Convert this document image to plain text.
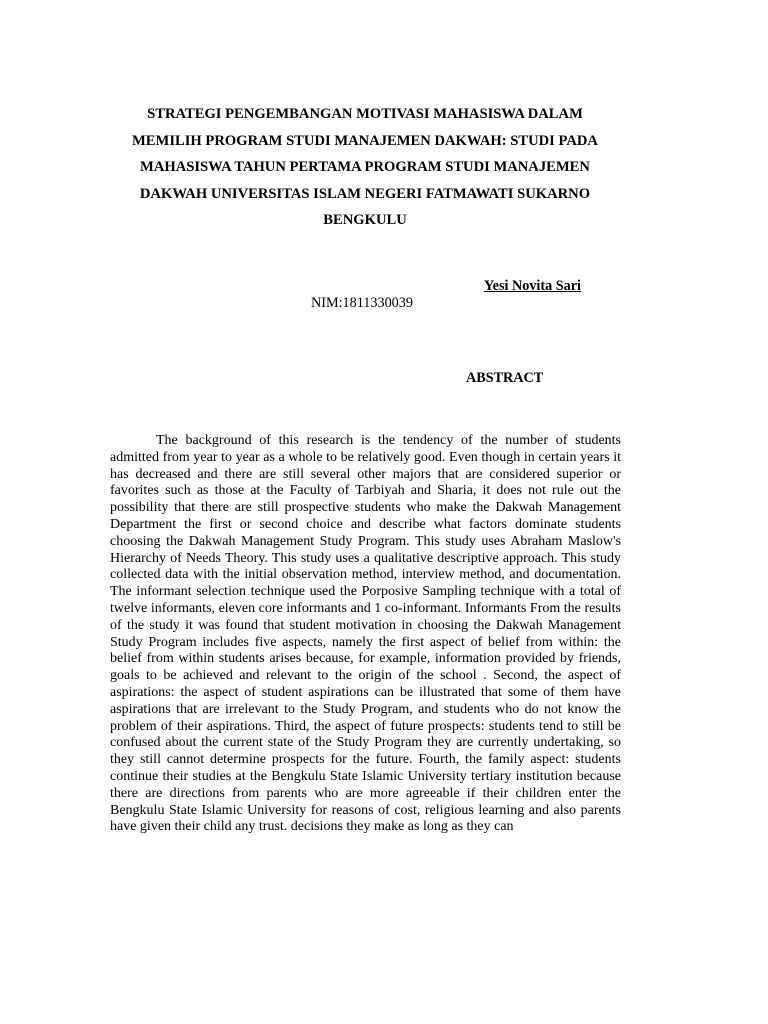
STRATEGI PENGEMBANGAN MOTIVASI MAHASISWA DALAM
MEMILIH PROGRAM STUDI MANAJEMEN DAKWAH: STUDI PADA
MAHASISWA TAHUN PERTAMA PROGRAM STUDI MANAJEMEN
DAKWAH UNIVERSITAS ISLAM NEGERI FATMAWATI SUKARNO
BENGKULU
Yesi Novita Sari
NIM:1811330039
ABSTRACT

The background of this research is the tendency of the number of students admitted from year to year as a whole to be relatively good. Even though in certain years it has decreased and there are still several other majors that are considered superior or favorites such as those at the Faculty of Tarbiyah and Sharia, it does not rule out the possibility that there are still prospective students who make the Dakwah Management Department the first or second choice and describe what factors dominate students choosing the Dakwah Management Study Program. This study uses Abraham Maslow's Hierarchy of Needs Theory. This study uses a qualitative descriptive approach. This study collected data with the initial observation method, interview method, and documentation. The informant selection technique used the Porposive Sampling technique with a total of twelve informants, eleven core informants and 1 co-informant. Informants From the results of the study it was found that student motivation in choosing the Dakwah Management Study Program includes five aspects, namely the first aspect of belief from within: the belief from within students arises because, for example, information provided by friends, goals to be achieved and relevant to the origin of the school . Second, the aspect of aspirations: the aspect of student aspirations can be illustrated that some of them have aspirations that are irrelevant to the Study Program, and students who do not know the problem of their aspirations. Third, the aspect of future prospects: students tend to still be confused about the current state of the Study Program they are currently undertaking, so they still cannot determine prospects for the future. Fourth, the family aspect: students continue their studies at the Bengkulu State Islamic University tertiary institution because there are directions from parents who are more agreeable if their children enter the Bengkulu State Islamic University for reasons of cost, religious learning and also parents have given their child any trust. decisions they make as long as they can
